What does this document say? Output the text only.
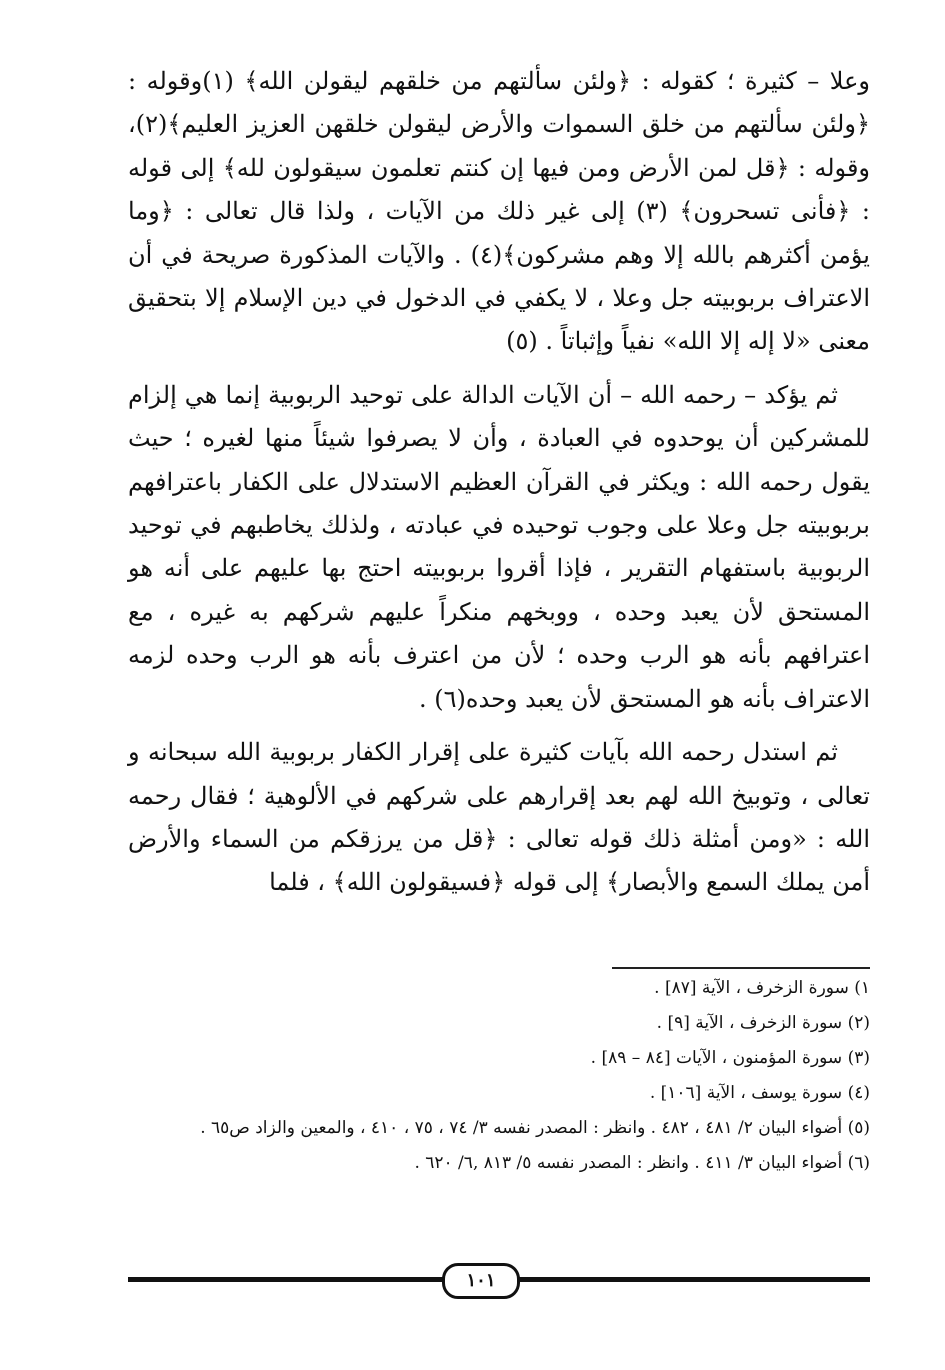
وعلا – كثيرة ؛ كقوله : ﴿ولئن سألتهم من خلقهم ليقولن الله﴾ (١)وقوله : ﴿ولئن سألتهم من خلق السموات والأرض ليقولن خلقهن العزيز العليم﴾(٢)، وقوله : ﴿قل لمن الأرض ومن فيها إن كنتم تعلمون سيقولون لله﴾ إلى قوله : ﴿فأنى تسحرون﴾ (٣) إلى غير ذلك من الآيات ، ولذا قال تعالى : ﴿وما يؤمن أكثرهم بالله إلا وهم مشركون﴾(٤) . والآيات المذكورة صريحة في أن الاعتراف بربوبيته جل وعلا ، لا يكفي في الدخول في دين الإسلام إلا بتحقيق معنى «لا إله إلا الله» نفياً وإثباتاً . (٥)

ثم يؤكد – رحمه الله – أن الآيات الدالة على توحيد الربوبية إنما هي إلزام للمشركين أن يوحدوه في العبادة ، وأن لا يصرفوا شيئاً منها لغيره ؛ حيث يقول رحمه الله : ويكثر في القرآن العظيم الاستدلال على الكفار باعترافهم بربوبيته جل وعلا على وجوب توحيده في عبادته ، ولذلك يخاطبهم في توحيد الربوبية باستفهام التقرير ، فإذا أقروا بربوبيته احتج بها عليهم على أنه هو المستحق لأن يعبد وحده ، ووبخهم منكراً عليهم شركهم به غيره ، مع اعترافهم بأنه هو الرب وحده ؛ لأن من اعترف بأنه هو الرب وحده لزمه الاعتراف بأنه هو المستحق لأن يعبد وحده(٦) .

ثم استدل رحمه الله بآيات كثيرة على إقرار الكفار بربوبية الله سبحانه و تعالى ، وتوبيخ الله لهم بعد إقرارهم على شركهم في الألوهية ؛ فقال رحمه الله : «ومن أمثلة ذلك قوله تعالى : ﴿قل من يرزقكم من السماء والأرض أمن يملك السمع والأبصار﴾ إلى قوله ﴿فسيقولون الله﴾ ، فلما

١) سورة الزخرف ، الآية [٨٧] .
(٢) سورة الزخرف ، الآية [٩] .
(٣) سورة المؤمنون ، الآيات [٨٤ – ٨٩] .
(٤) سورة يوسف ، الآية [١٠٦] .
(٥) أضواء البيان ٢/ ٤٨١ ، ٤٨٢ . وانظر : المصدر نفسه ٣/ ٧٤ ، ٧٥ ، ٤١٠ ، والمعين والزاد ص٦٥ .
(٦) أضواء البيان ٣/ ٤١١ . وانظر : المصدر نفسه ٥/ ٨١٣ ,٦/ ٦٢٠ .
١٠١
